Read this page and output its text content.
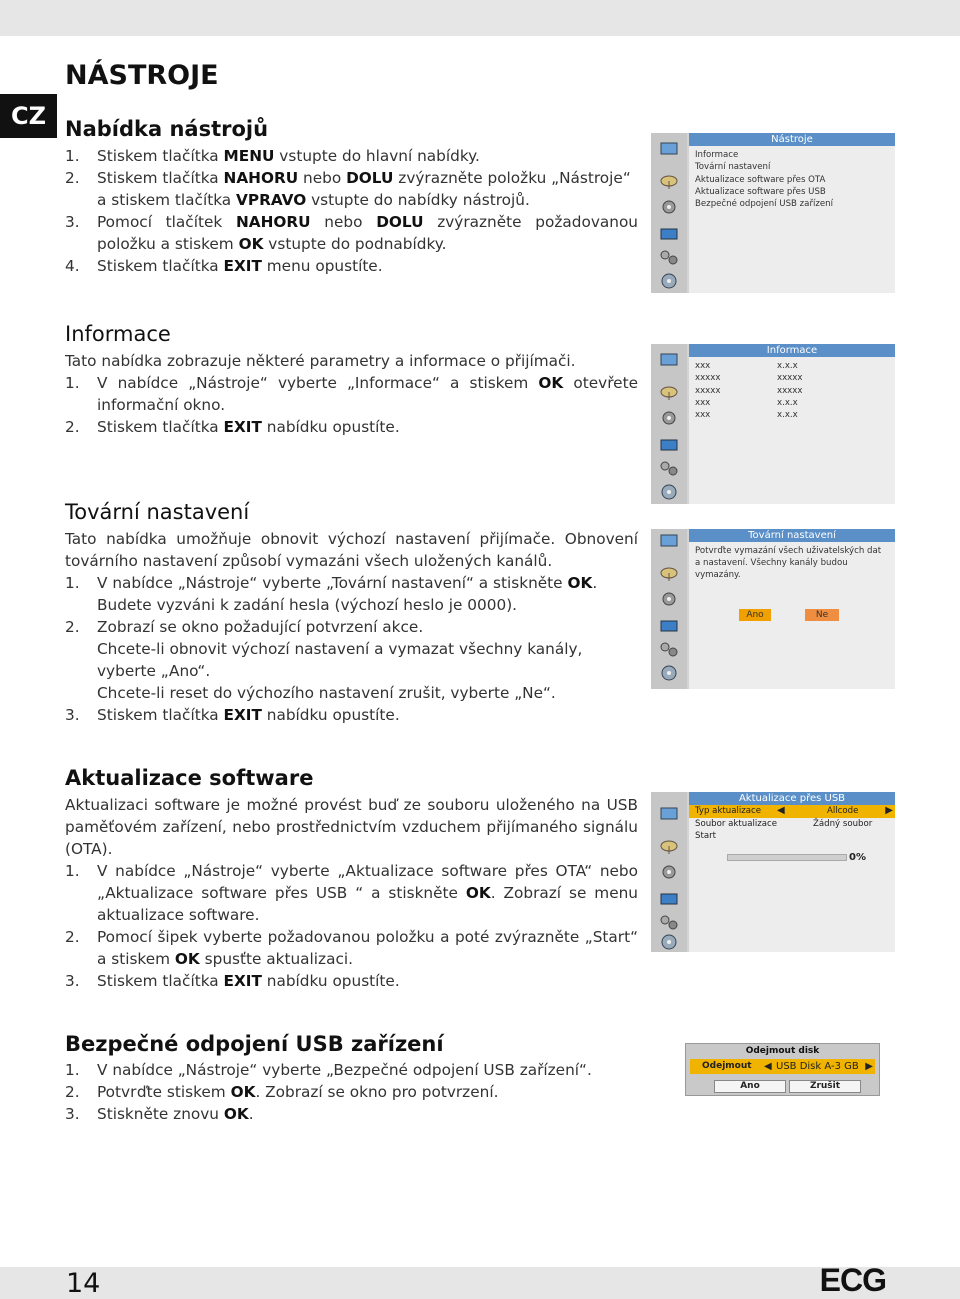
CZ
NÁSTROJE
Nabídka nástrojů
1.	Stiskem tlačítka MENU vstupte do hlavní nabídky.
2.	Stiskem tlačítka NAHORU nebo DOLU zvýrazněte položku „Nástroje“ a stiskem tlačítka VPRAVO vstupte do nabídky nástrojů.
3.	Pomocí tlačítek NAHORU nebo DOLU zvýrazněte požadovanou položku a stiskem OK vstupte do podnabídky.
4.	Stiskem tlačítka EXIT menu opustíte.
Nástroje
Informace
Tovární nastavení
Aktualizace software přes OTA
Aktualizace software přes USB
Bezpečné odpojení USB zařízení
Informace

Tato nabídka zobrazuje některé parametry a informace o přijímači.

1.	V nabídce „Nástroje“ vyberte „Informace“ a stiskem OK otevřete informační okno.
2.	Stiskem tlačítka EXIT nabídku opustíte.
Informace
xxx	x.x.x
xxxxx	xxxxx
xxxxx	xxxxx
xxx	x.x.x
xxx	x.x.x
Tovární nastavení

Tato nabídka umožňuje obnovit výchozí nastavení přijímače. Obnovení továrního nastavení způsobí vymazáni všech uložených kanálů.

1.	V nabídce „Nástroje“ vyberte „Tovární nastavení“ a stiskněte OK.
Budete vyzváni k zadání hesla (výchozí heslo je 0000).
2.	Zobrazí se okno požadující potvrzení akce.
Chcete-li obnovit výchozí nastavení a vymazat všechny kanály, vyberte „Ano“.
Chcete-li reset do výchozího nastavení zrušit, vyberte „Ne“.
3.	Stiskem tlačítka EXIT nabídku opustíte.
Tovární nastavení
Potvrďte vymazání všech uživatelských dat a nastavení. Všechny kanály budou vymazány.
Ano	Ne
Aktualizace software

Aktualizaci software je možné provést buď ze souboru uloženého na USB paměťovém zařízení, nebo prostřednictvím vzduchem přijímaného signálu (OTA).

1.	V nabídce „Nástroje“ vyberte „Aktualizace software přes OTA“ nebo „Aktualizace software přes USB “ a stiskněte OK. Zobrazí se menu aktualizace software.
2.	Pomocí šipek vyberte požadovanou položku a poté zvýrazněte „Start“ a stiskem OK spusťte aktualizaci.
3.	Stiskem tlačítka EXIT nabídku opustíte.
Aktualizace přes USB
Typ aktualizace ◀	Allcode	▶
Soubor aktualizace	Žádný soubor
Start
0%
Bezpečné odpojení USB zařízení
1.	V nabídce „Nástroje“ vyberte „Bezpečné odpojení USB zařízení“.
2.	Potvrďte stiskem OK. Zobrazí se okno pro potvrzení.
3.	Stiskněte znovu OK.
Odejmout disk
Odejmout ◀ USB Disk A-3 GB ▶
Ano	Zrušit
14	ECG
